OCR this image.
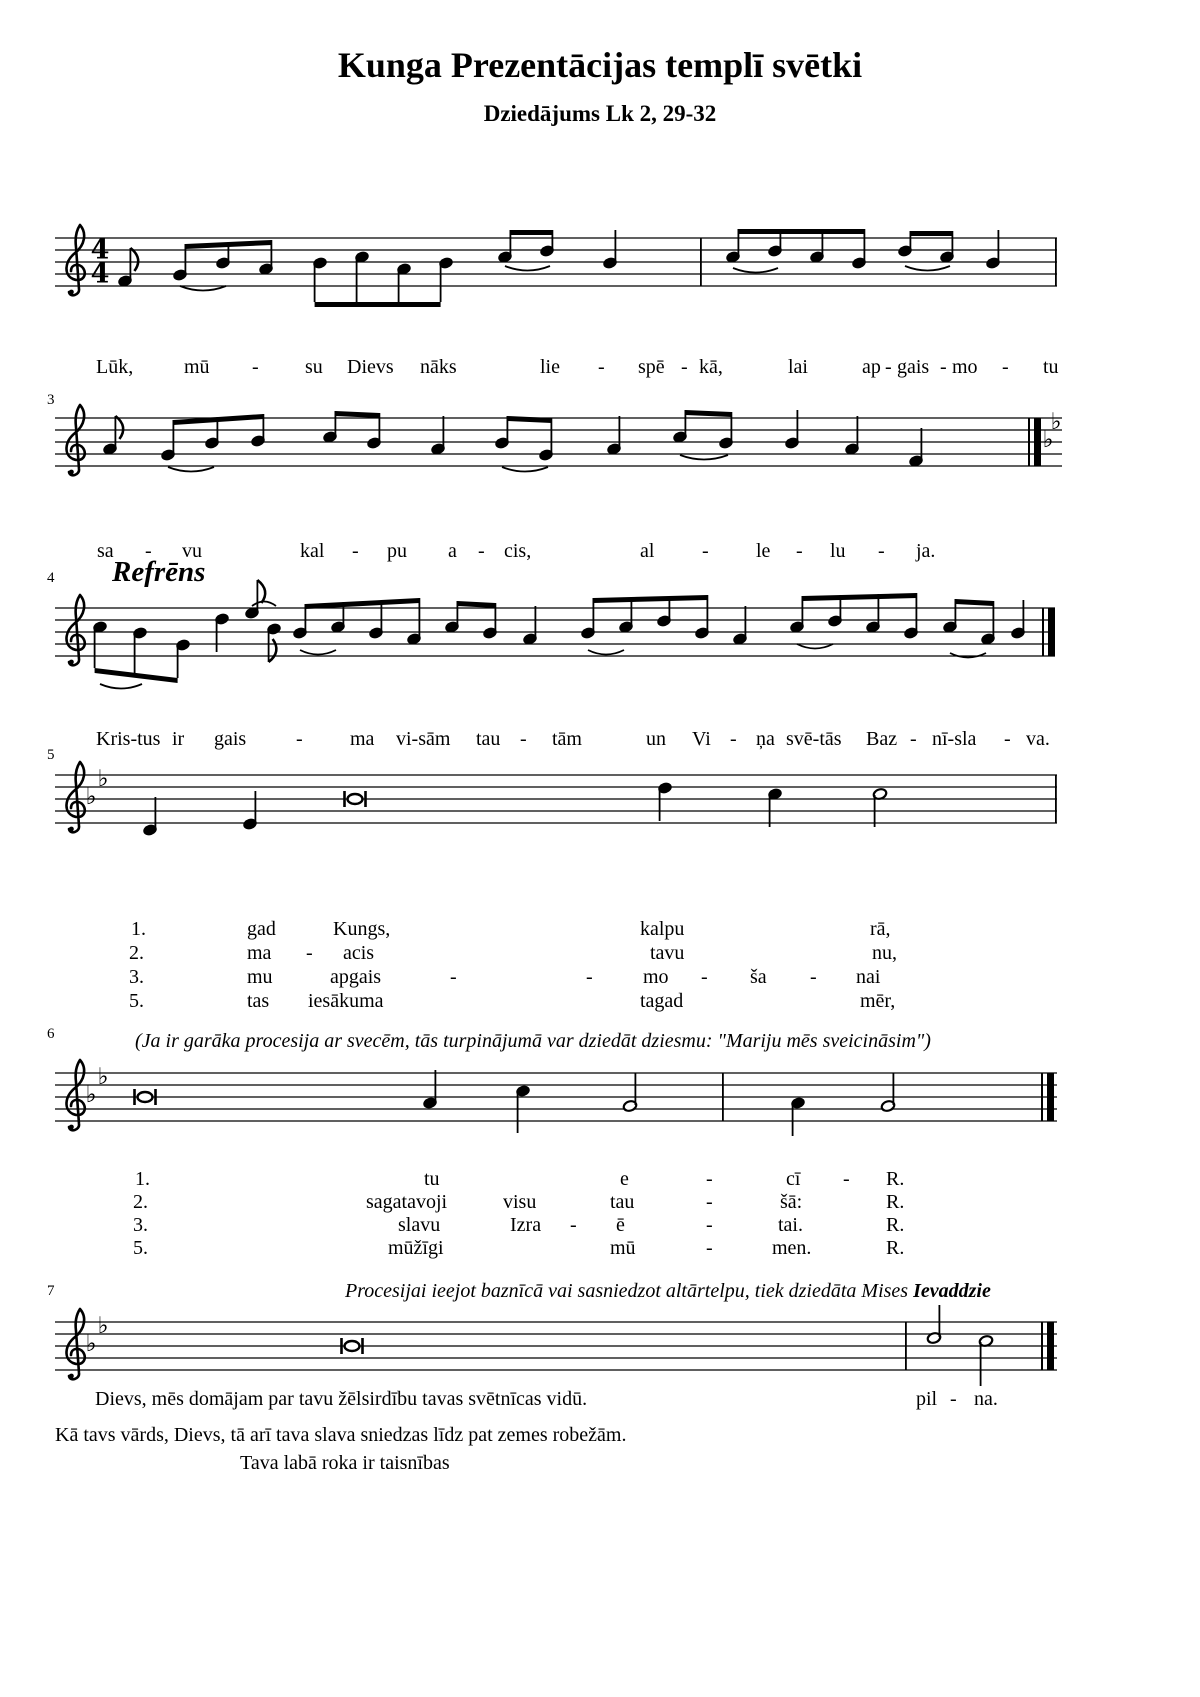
Kunga Prezentācijas templī svētki
Dziedājums Lk 2, 29-32
Refrēns
4
4
♭
♭
♭
♭
♭
♭
♭
♭
Lūk,	mū - su Dievs nāks	lie - spē - kā,	lai	ap - gais - mo - tu
sa - vu	kal - pu a - cis,	al - le - lu - ja.
Kris-tus ir gais - ma vi-sām tau - tām	un Vi - ņa svē-tās Baz - nī-sla - va.
Dievs, mēs domājam par tavu žēlsirdību tavas svētnīcas vidū.	pil - na.
1.	gad	Kungs,	kalpu	rā,
2.	ma - acis	tavu	nu,
3.	mu	apgais	-	-	mo - ša - nai
5.	tas iesākuma	tagad	mēr,
1.	tu	e	-	cī - R.
2.	sagatavoji	visu	tau	-	šā:	R.
3.	slavu	Izra - ē	-	tai.	R.
5.	mūžīgi	mū	-	men.	R.
3
4
5
6
7
(Ja ir garāka procesija ar svecēm, tās turpinājumā var dziedāt dziesmu: "Mariju mēs sveicināsim")
Procesijai ieejot baznīcā vai sasniedzot altārtelpu, tiek dziedāta Mises Ievaddzie
Kā tavs vārds, Dievs, tā arī tava slava sniedzas līdz pat zemes robežām.
Tava labā roka ir taisnības
